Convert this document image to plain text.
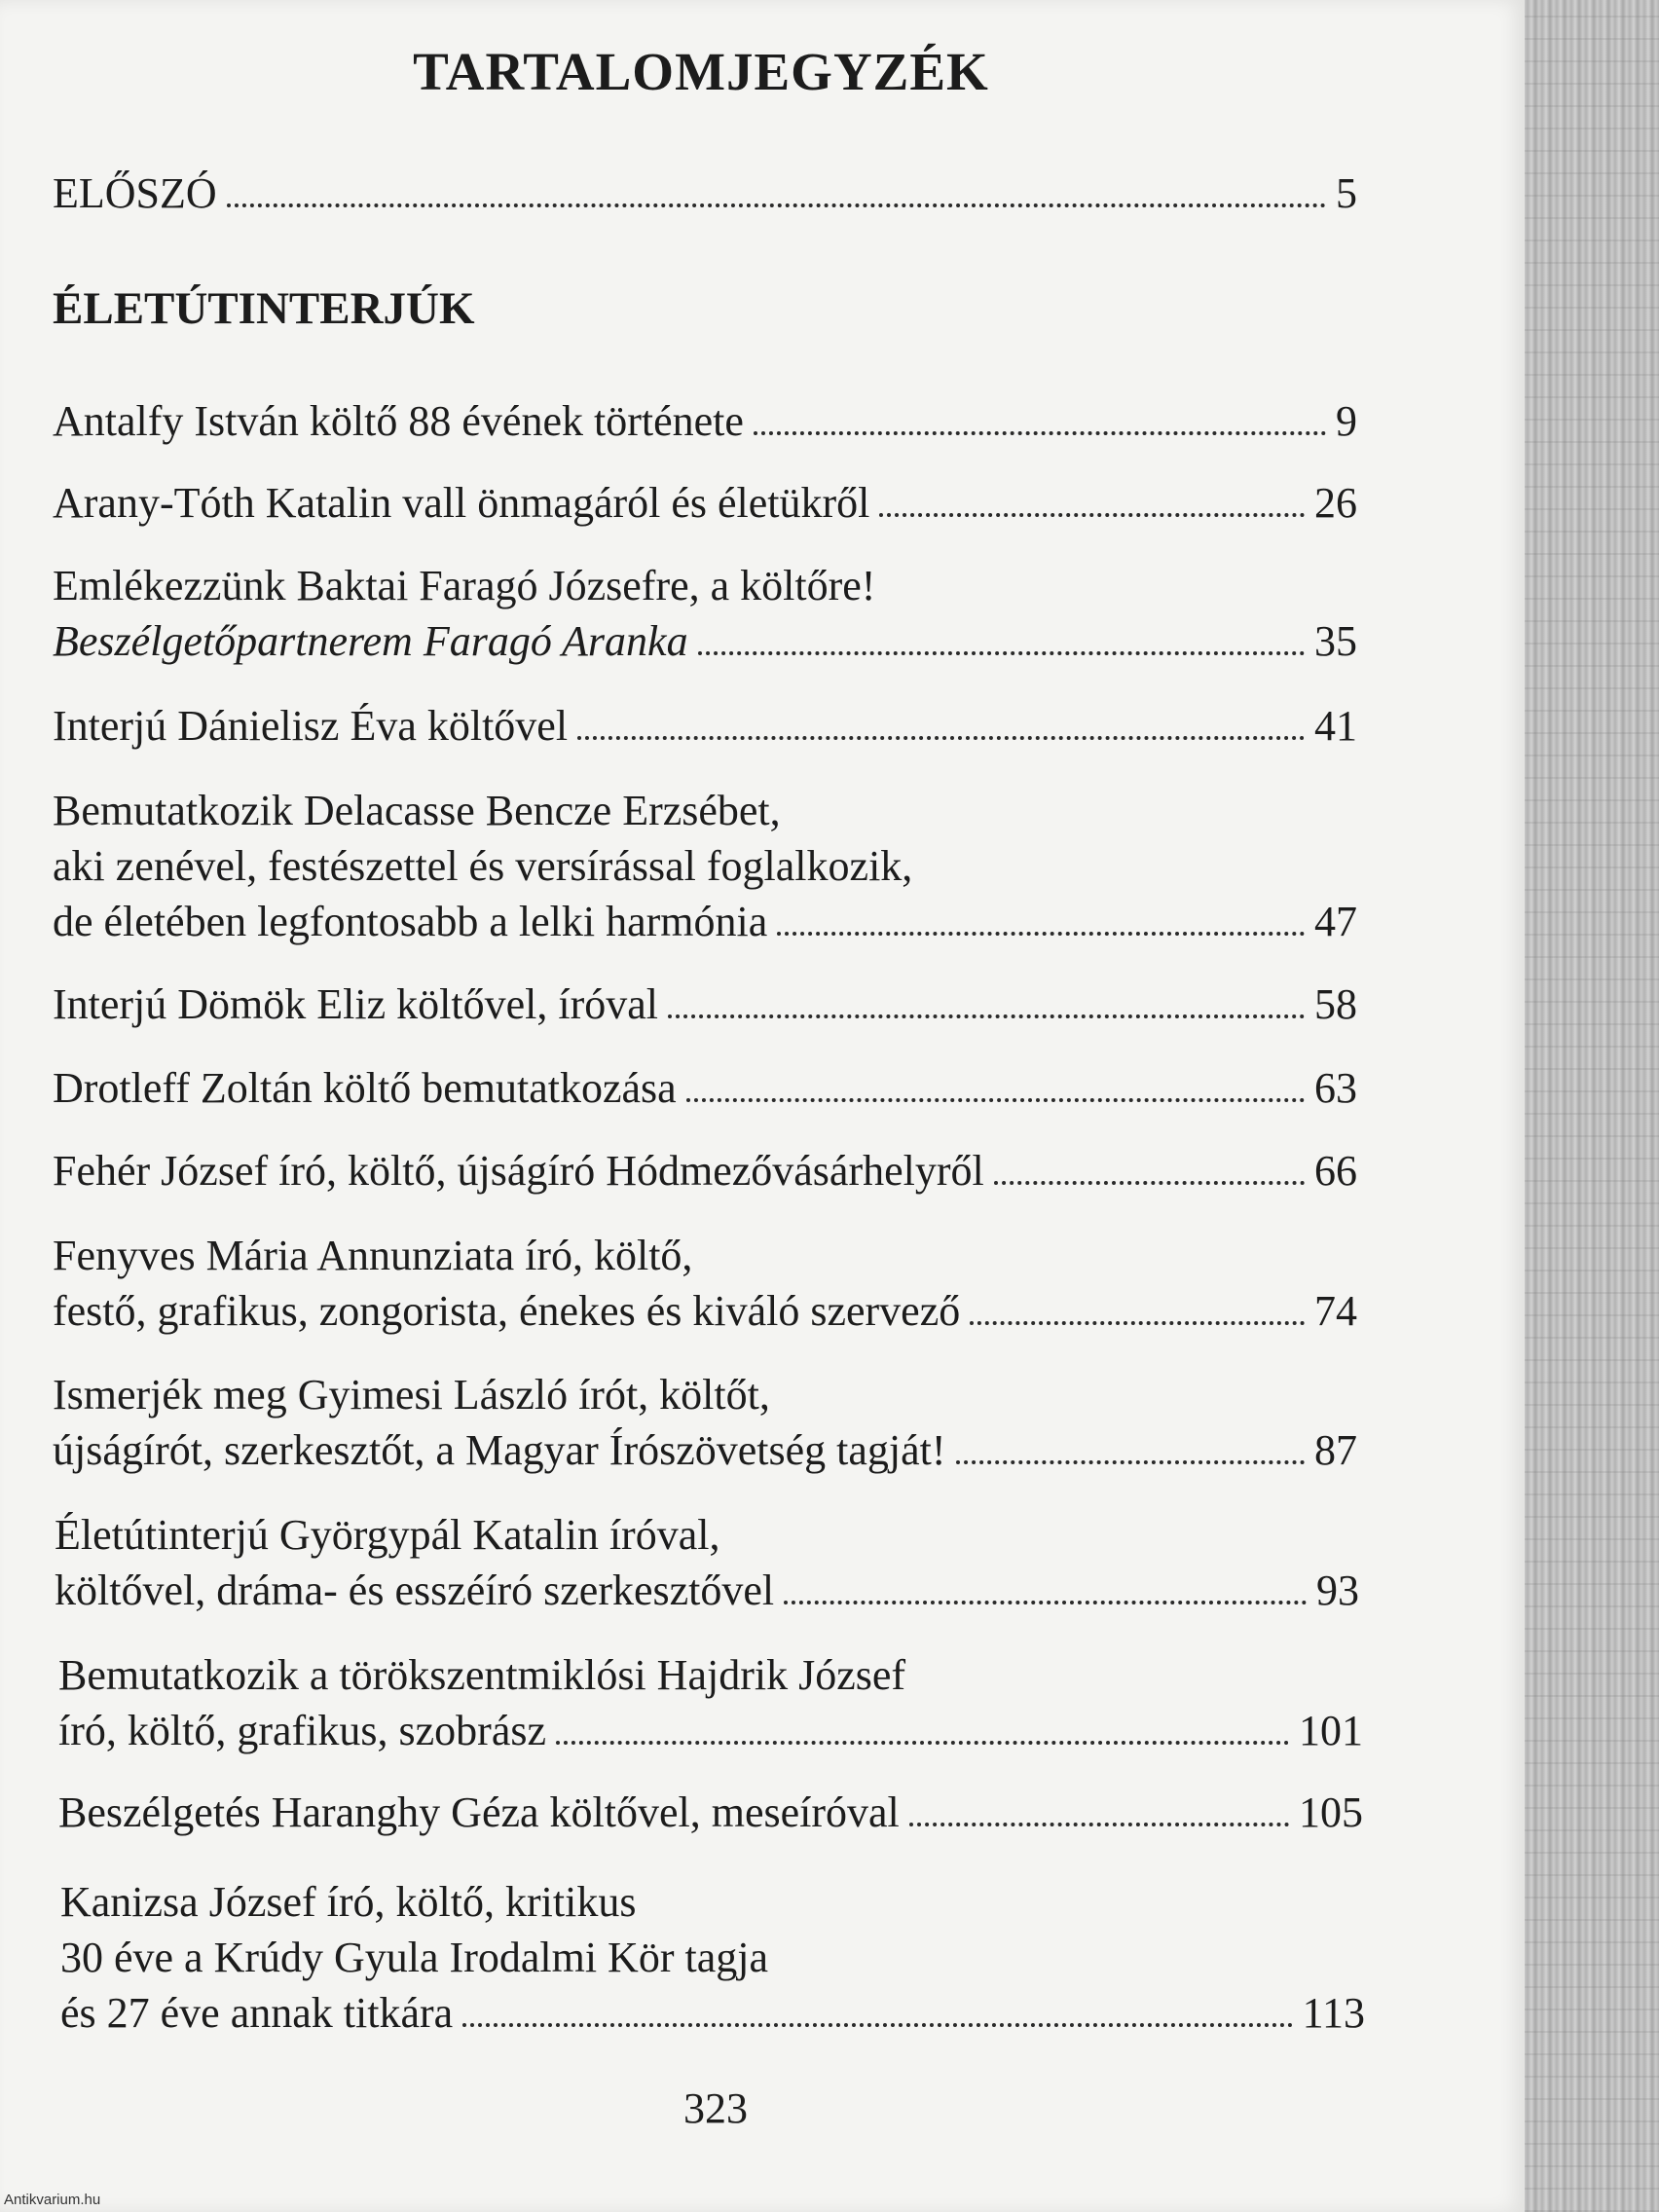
TARTALOMJEGYZÉK
ELŐSZÓ	5
ÉLETÚTINTERJÚK
Antalfy István költő 88 évének története	9
Arany-Tóth Katalin vall önmagáról és életükről	26
Emlékezzünk Baktai Faragó Józsefre, a költőre!
Beszélgetőpartnerem Faragó Aranka	35
Interjú Dánielisz Éva költővel	41
Bemutatkozik Delacasse Bencze Erzsébet,
aki zenével, festészettel és versírással foglalkozik,
de életében legfontosabb a lelki harmónia	47
Interjú Dömök Eliz költővel, íróval	58
Drotleff Zoltán költő bemutatkozása	63
Fehér József író, költő, újságíró Hódmezővásárhelyről	66
Fenyves Mária Annunziata író, költő,
festő, grafikus, zongorista, énekes és kiváló szervező	74
Ismerjék meg Gyimesi László írót, költőt,
újságírót, szerkesztőt, a Magyar Írószövetség tagját!	87
Életútinterjú Györgypál Katalin íróval,
költővel, dráma- és esszéíró szerkesztővel	93
Bemutatkozik a törökszentmiklósi Hajdrik József
író, költő, grafikus, szobrász	101
Beszélgetés Haranghy Géza költővel, meseíróval	105
Kanizsa József író, költő, kritikus
30 éve a Krúdy Gyula Irodalmi Kör tagja
és 27 éve annak titkára	113
323
Antikvarium.hu
